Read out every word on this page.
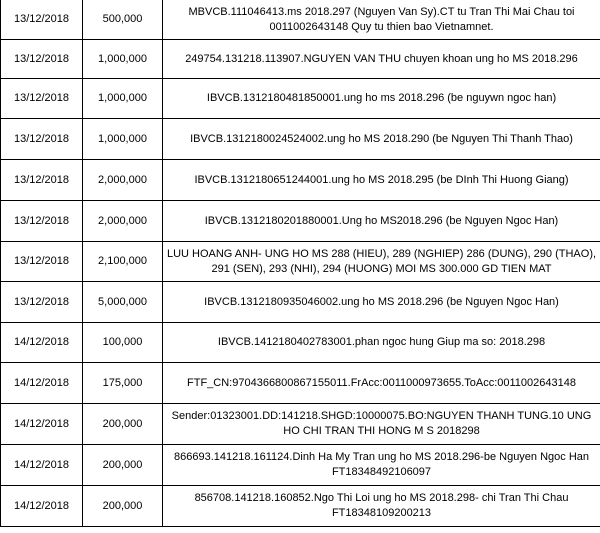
13/12/2018	500,000	MBVCB.111046413.ms 2018.297 (Nguyen Van Sy).CT tu Tran Thi Mai Chau toi 0011002643148 Quy tu thien bao Vietnamnet.
13/12/2018	1,000,000	249754.131218.113907.NGUYEN VAN THU chuyen khoan ung ho MS 2018.296
13/12/2018	1,000,000	IBVCB.1312180481850001.ung ho ms 2018.296 (be nguywn ngoc han)
13/12/2018	1,000,000	IBVCB.1312180024524002.ung ho MS 2018.290 (be Nguyen Thi Thanh Thao)
13/12/2018	2,000,000	IBVCB.1312180651244001.ung ho MS 2018.295 (be DInh Thi Huong Giang)
13/12/2018	2,000,000	IBVCB.1312180201880001.Ung ho MS2018.296 (be Nguyen Ngoc Han)
13/12/2018	2,100,000	LUU HOANG ANH- UNG HO MS 288 (HIEU), 289 (NGHIEP) 286 (DUNG), 290 (THAO), 291 (SEN), 293 (NHI), 294 (HUONG) MOI MS 300.000 GD TIEN MAT
13/12/2018	5,000,000	IBVCB.1312180935046002.ung ho MS 2018.296 (be Nguyen Ngoc Han)
14/12/2018	100,000	IBVCB.1412180402783001.phan ngoc hung Giup ma so: 2018.298
14/12/2018	175,000	FTF_CN:970436680086715501​1.FrAcc:0011000973655.ToAcc:0011002643148
14/12/2018	200,000	Sender:01323001.DD:141218.SHGD:10000075.BO:NGUYEN THANH TUNG.10 UNG HO CHI TRAN THI HONG M S 2018298
14/12/2018	200,000	866693.141218.161124.Dinh Ha My Tran ung ho MS 2018.296-be Nguyen Ngoc Han FT18348492106097
14/12/2018	200,000	856708.141218.160852.Ngo Thi Loi ung ho MS 2018.298- chi Tran Thi Chau FT18348109200213
